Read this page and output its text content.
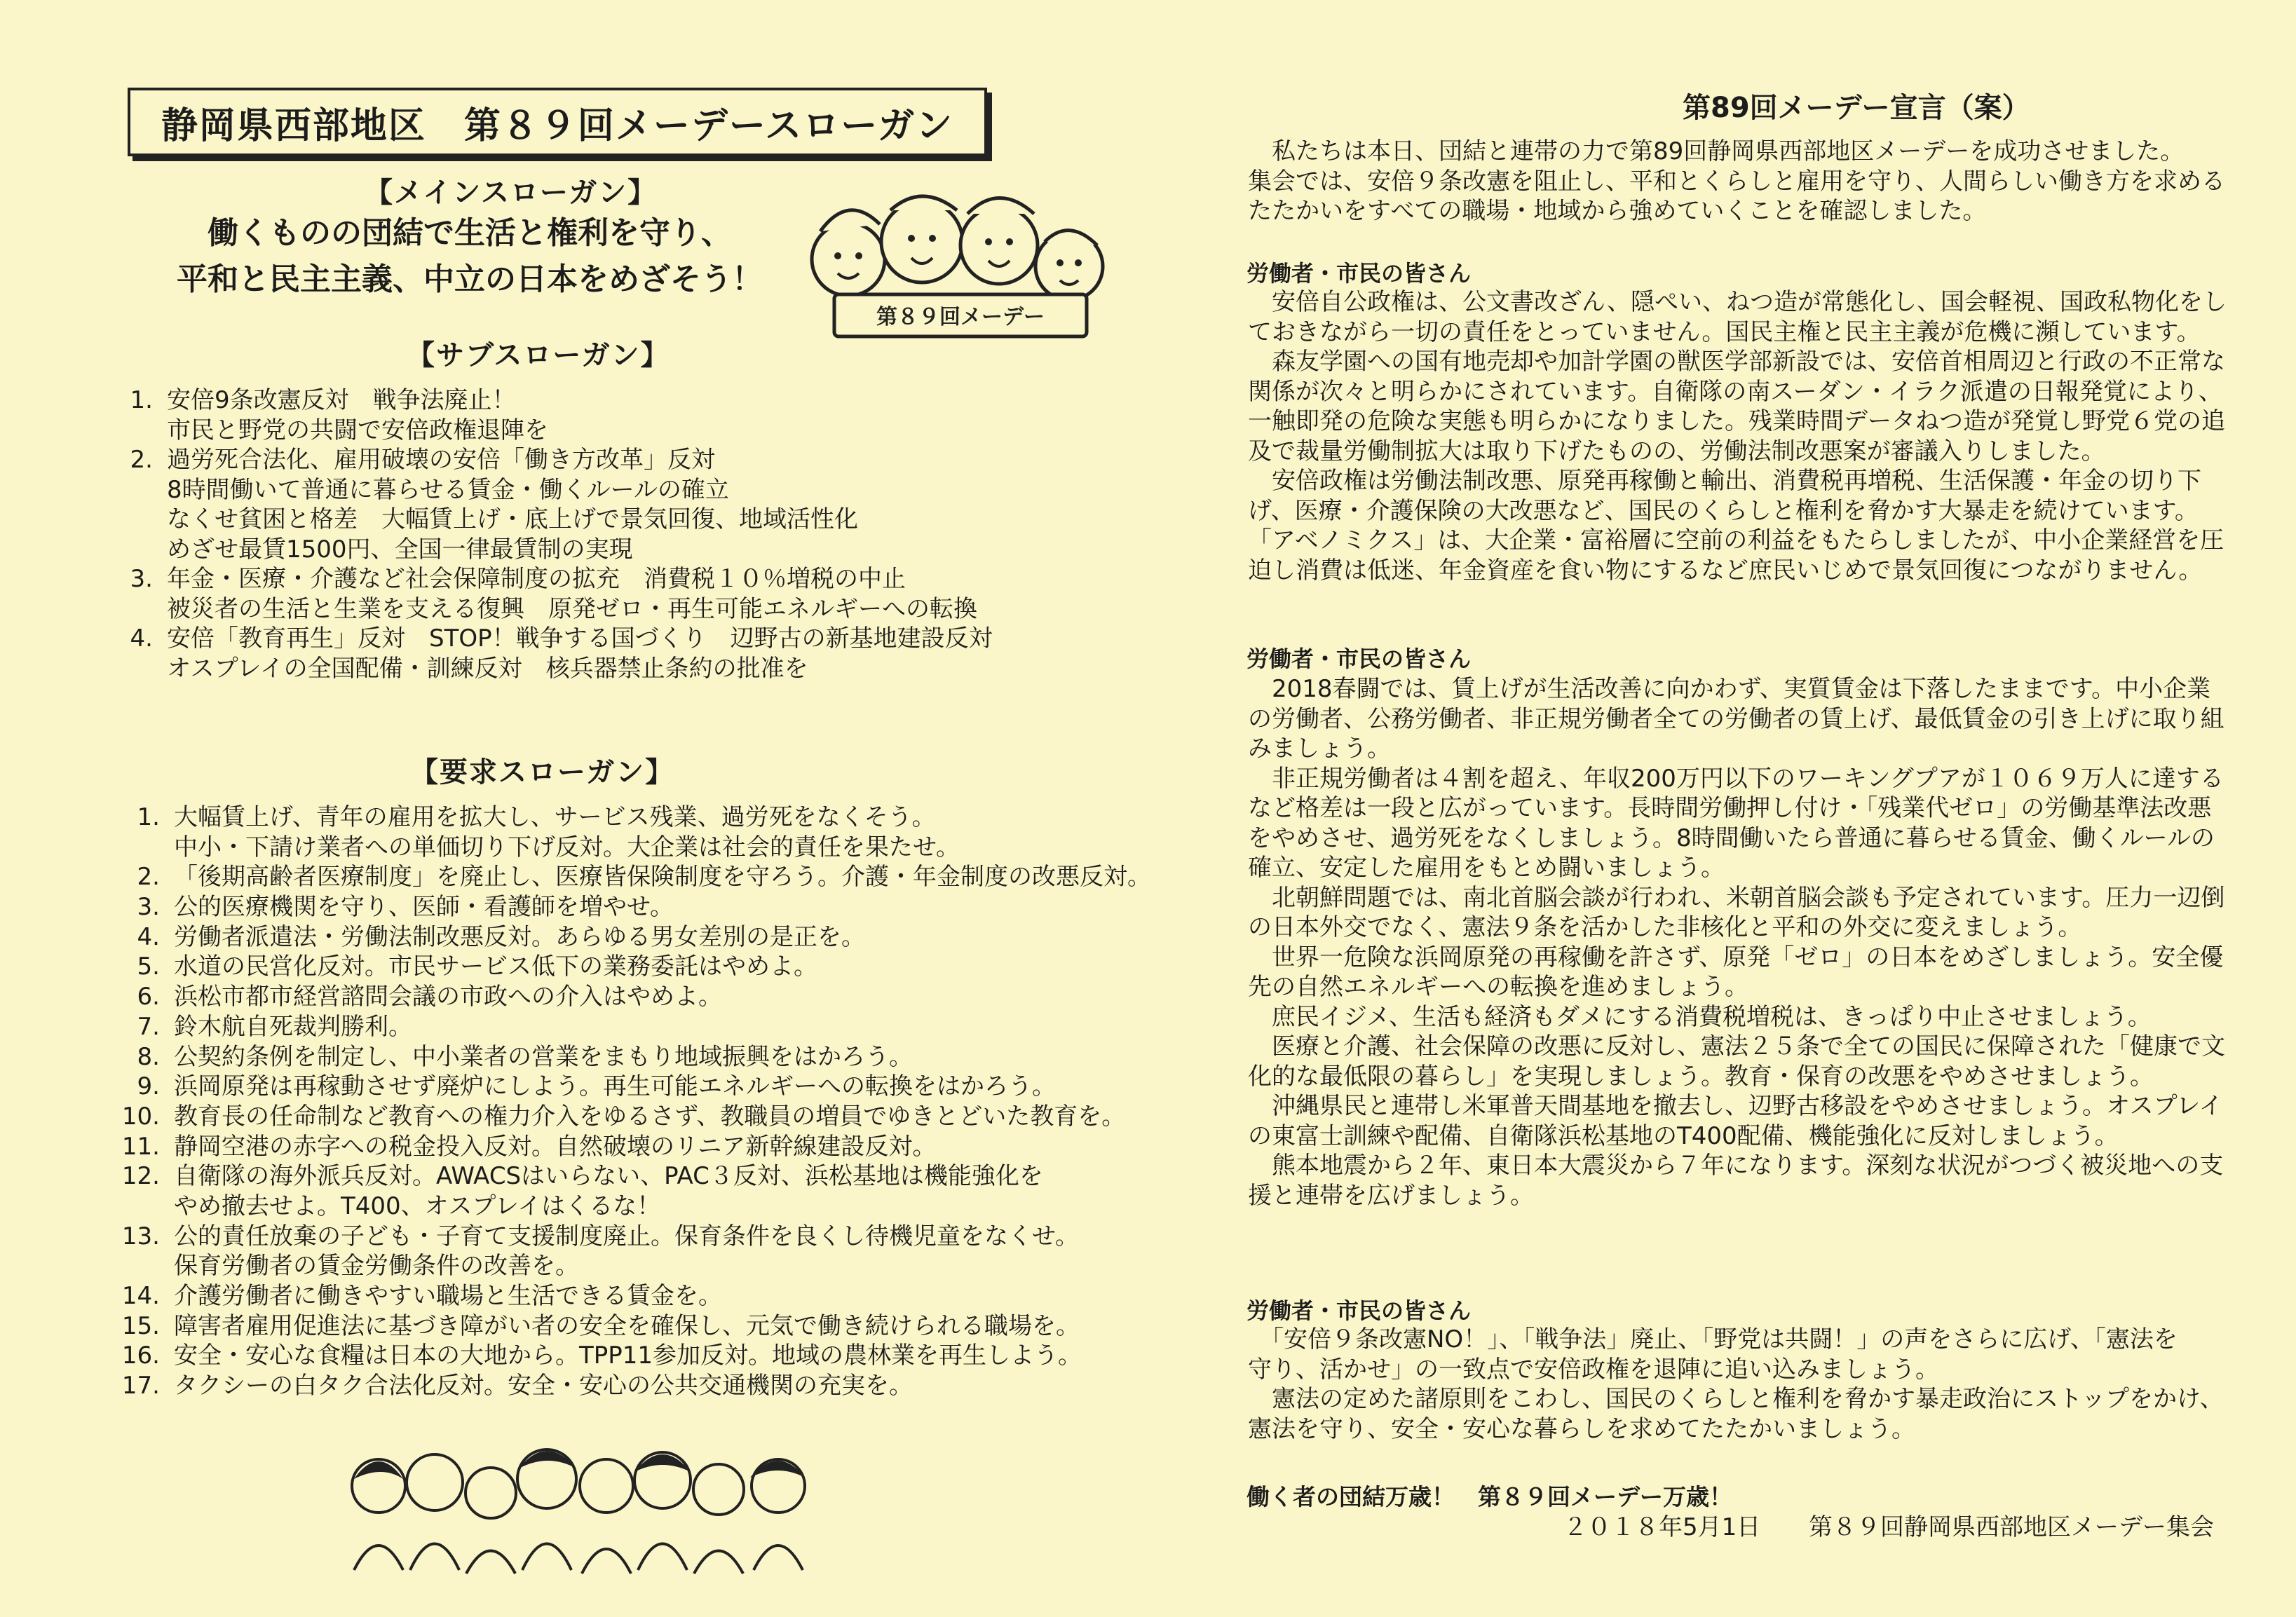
静岡県西部地区　第８９回メーデースローガン
【メインスローガン】
働くものの団結で生活と権利を守り、
平和と民主主義、中立の日本をめざそう！
第８９回メーデー
【サブスローガン】
1. 安倍9条改憲反対　戦争法廃止！
市民と野党の共闘で安倍政権退陣を
2. 過労死合法化、雇用破壊の安倍「働き方改革」反対
8時間働いて普通に暮らせる賃金・働くルールの確立
なくせ貧困と格差　大幅賃上げ・底上げで景気回復、地域活性化
めざせ最賃1500円、全国一律最賃制の実現
3. 年金・医療・介護など社会保障制度の拡充　消費税１０％増税の中止
被災者の生活と生業を支える復興　原発ゼロ・再生可能エネルギーへの転換
4. 安倍「教育再生」反対　STOP！戦争する国づくり　辺野古の新基地建設反対
オスプレイの全国配備・訓練反対　核兵器禁止条約の批准を
【要求スローガン】
1. 大幅賃上げ、青年の雇用を拡大し、サービス残業、過労死をなくそう。
中小・下請け業者への単価切り下げ反対。大企業は社会的責任を果たせ。
2. 「後期高齢者医療制度」を廃止し、医療皆保険制度を守ろう。介護・年金制度の改悪反対。
3. 公的医療機関を守り、医師・看護師を増やせ。
4. 労働者派遣法・労働法制改悪反対。あらゆる男女差別の是正を。
5. 水道の民営化反対。市民サービス低下の業務委託はやめよ。
6. 浜松市都市経営諮問会議の市政への介入はやめよ。
7. 鈴木航自死裁判勝利。
8. 公契約条例を制定し、中小業者の営業をまもり地域振興をはかろう。
9. 浜岡原発は再稼動させず廃炉にしよう。再生可能エネルギーへの転換をはかろう。
10. 教育長の任命制など教育への権力介入をゆるさず、教職員の増員でゆきとどいた教育を。
11. 静岡空港の赤字への税金投入反対。自然破壊のリニア新幹線建設反対。
12. 自衛隊の海外派兵反対。AWACSはいらない、PAC３反対、浜松基地は機能強化を
やめ撤去せよ。T400、オスプレイはくるな！
13. 公的責任放棄の子ども・子育て支援制度廃止。保育条件を良くし待機児童をなくせ。
保育労働者の賃金労働条件の改善を。
14. 介護労働者に働きやすい職場と生活できる賃金を。
15. 障害者雇用促進法に基づき障がい者の安全を確保し、元気で働き続けられる職場を。
16. 安全・安心な食糧は日本の大地から。TPP11参加反対。地域の農林業を再生しよう。
17. タクシーの白タク合法化反対。安全・安心の公共交通機関の充実を。
第89回メーデー宣言（案）

　私たちは本日、団結と連帯の力で第89回静岡県西部地区メーデーを成功させました。

集会では、安倍９条改憲を阻止し、平和とくらしと雇用を守り、人間らしい働き方を求める

たたかいをすべての職場・地域から強めていくことを確認しました。

労働者・市民の皆さん

　安倍自公政権は、公文書改ざん、隠ぺい、ねつ造が常態化し、国会軽視、国政私物化をし

ておきながら一切の責任をとっていません。国民主権と民主主義が危機に瀕しています。

　森友学園への国有地売却や加計学園の獣医学部新設では、安倍首相周辺と行政の不正常な

関係が次々と明らかにされています。自衛隊の南スーダン・イラク派遣の日報発覚により、

一触即発の危険な実態も明らかになりました。残業時間データねつ造が発覚し野党６党の追

及で裁量労働制拡大は取り下げたものの、労働法制改悪案が審議入りしました。

　安倍政権は労働法制改悪、原発再稼働と輸出、消費税再増税、生活保護・年金の切り下

げ、医療・介護保険の大改悪など、国民のくらしと権利を脅かす大暴走を続けています。

「アベノミクス」は、大企業・富裕層に空前の利益をもたらしましたが、中小企業経営を圧

迫し消費は低迷、年金資産を食い物にするなど庶民いじめで景気回復につながりません。

労働者・市民の皆さん

　2018春闘では、賃上げが生活改善に向かわず、実質賃金は下落したままです。中小企業

の労働者、公務労働者、非正規労働者全ての労働者の賃上げ、最低賃金の引き上げに取り組

みましょう。

　非正規労働者は４割を超え、年収200万円以下のワーキングプアが１０６９万人に達する

など格差は一段と広がっています。長時間労働押し付け・「残業代ゼロ」の労働基準法改悪

をやめさせ、過労死をなくしましょう。8時間働いたら普通に暮らせる賃金、働くルールの

確立、安定した雇用をもとめ闘いましょう。

　北朝鮮問題では、南北首脳会談が行われ、米朝首脳会談も予定されています。圧力一辺倒

の日本外交でなく、憲法９条を活かした非核化と平和の外交に変えましょう。

　世界一危険な浜岡原発の再稼働を許さず、原発「ゼロ」の日本をめざしましょう。安全優

先の自然エネルギーへの転換を進めましょう。

　庶民イジメ、生活も経済もダメにする消費税増税は、きっぱり中止させましょう。

　医療と介護、社会保障の改悪に反対し、憲法２５条で全ての国民に保障された「健康で文

化的な最低限の暮らし」を実現しましょう。教育・保育の改悪をやめさせましょう。

　沖縄県民と連帯し米軍普天間基地を撤去し、辺野古移設をやめさせましょう。オスプレイ

の東富士訓練や配備、自衛隊浜松基地のT400配備、機能強化に反対しましょう。

　熊本地震から２年、東日本大震災から７年になります。深刻な状況がつづく被災地への支

援と連帯を広げましょう。

労働者・市民の皆さん

　「安倍９条改憲NO！」、「戦争法」廃止、「野党は共闘！」の声をさらに広げ、「憲法を

守り、活かせ」の一致点で安倍政権を退陣に追い込みましょう。

　憲法の定めた諸原則をこわし、国民のくらしと権利を脅かす暴走政治にストップをかけ、

憲法を守り、安全・安心な暮らしを求めてたたかいましょう。

働く者の団結万歳！　第８９回メーデー万歳！
２０１８年5月1日 第８９回静岡県西部地区メーデー集会
